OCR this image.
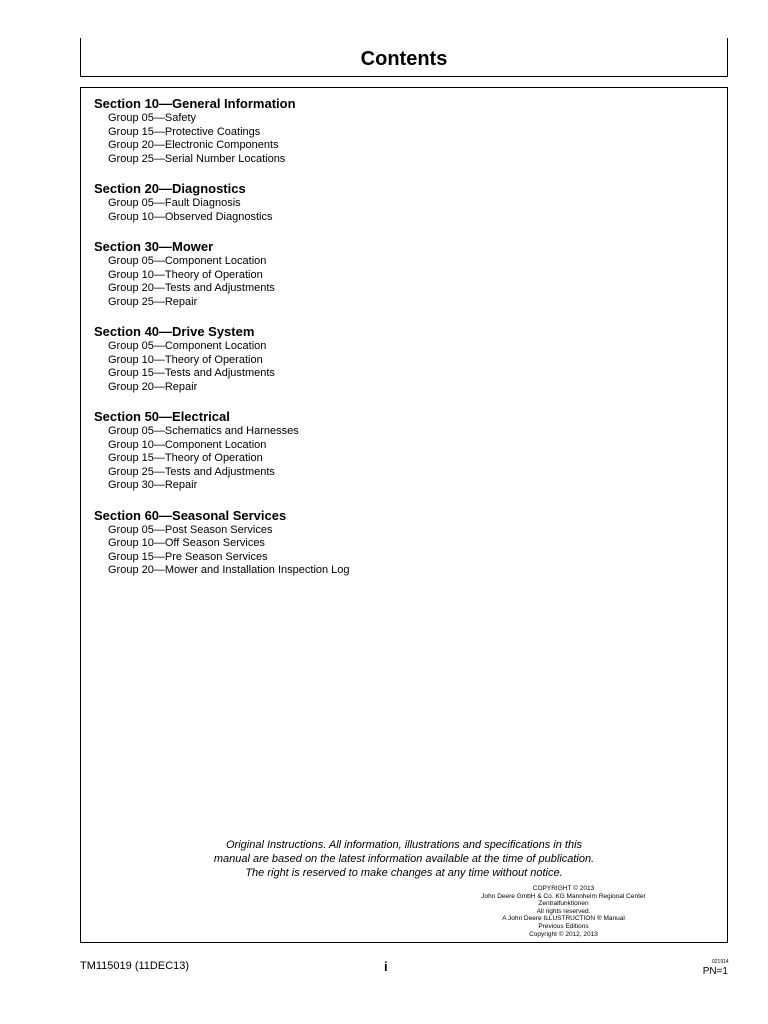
Contents
Section 10—General Information
Group 05—Safety
Group 15—Protective Coatings
Group 20—Electronic Components
Group 25—Serial Number Locations
Section 20—Diagnostics
Group 05—Fault Diagnosis
Group 10—Observed Diagnostics
Section 30—Mower
Group 05—Component Location
Group 10—Theory of Operation
Group 20—Tests and Adjustments
Group 25—Repair
Section 40—Drive System
Group 05—Component Location
Group 10—Theory of Operation
Group 15—Tests and Adjustments
Group 20—Repair
Section 50—Electrical
Group 05—Schematics and Harnesses
Group 10—Component Location
Group 15—Theory of Operation
Group 25—Tests and Adjustments
Group 30—Repair
Section 60—Seasonal Services
Group 05—Post Season Services
Group 10—Off Season Services
Group 15—Pre Season Services
Group 20—Mower and Installation Inspection Log
Original Instructions. All information, illustrations and specifications in this
manual are based on the latest information available at the time of publication.
The right is reserved to make changes at any time without notice.
COPYRIGHT © 2013
John Deere GmbH & Co. KG Mannheim Regional Center
Zentralfunktionen
All rights reserved.
A John Deere ILLUSTRUCTION ® Manual
Previous Editions
Copyright © 2012, 2013
TM115019 (11DEC13)	i	021914
PN=1
